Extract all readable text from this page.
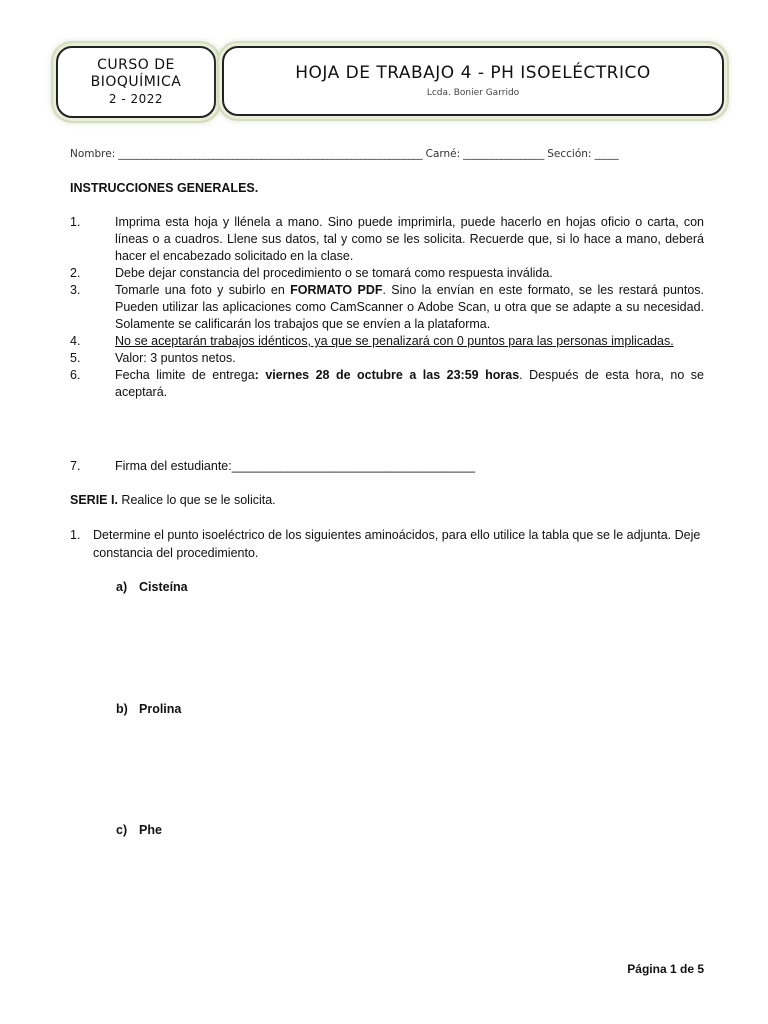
CURSO DE
BIOQUÍMICA
2 - 2022
HOJA DE TRABAJO 4 - PH ISOELÉCTRICO
Lcda. Bonier Garrido
Nombre: ________________________________________________________________ Carné: _________________ Sección: _____
INSTRUCCIONES GENERALES.
1.	Imprima esta hoja y llénela a mano. Sino puede imprimirla, puede hacerlo en hojas oficio o carta, con líneas o a cuadros. Llene sus datos, tal y como se les solicita. Recuerde que, si lo hace a mano, deberá hacer el encabezado solicitado en la clase.
2.	Debe dejar constancia del procedimiento o se tomará como respuesta inválida.
3.	Tomarle una foto y subirlo en FORMATO PDF. Sino la envían en este formato, se les restará puntos. Pueden utilizar las aplicaciones como CamScanner o Adobe Scan, u otra que se adapte a su necesidad. Solamente se calificarán los trabajos que se envíen a la plataforma.
4.	No se aceptarán trabajos idénticos, ya que se penalizará con 0 puntos para las personas implicadas.
5.	Valor: 3 puntos netos.
6.	Fecha limite de entrega: viernes 28 de octubre a las 23:59 horas. Después de esta hora, no se aceptará.
7.	Firma del estudiante: ___________________________________
SERIE I. Realice lo que se le solicita.
1.	Determine el punto isoeléctrico de los siguientes aminoácidos, para ello utilice la tabla que se le adjunta. Deje constancia del procedimiento.
a) Cisteína
b) Prolina
c) Phe
Página 1 de 5
